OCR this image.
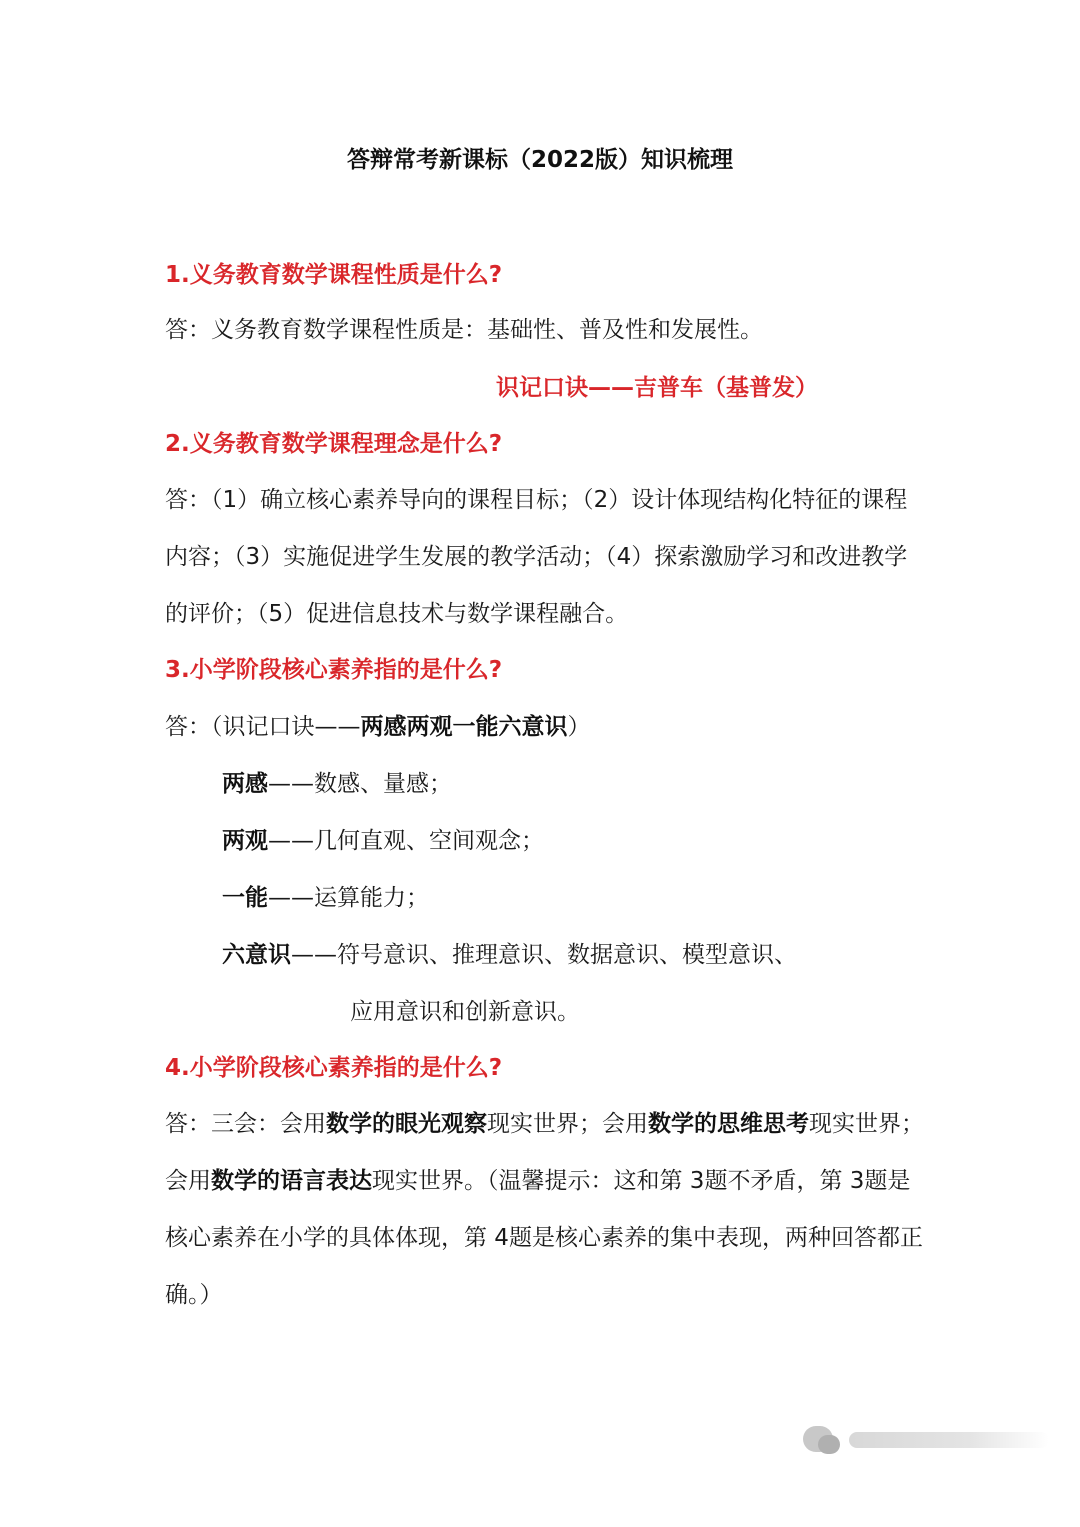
答辩常考新课标（2022版）知识梳理
1.义务教育数学课程性质是什么?
答：义务教育数学课程性质是：基础性、普及性和发展性。
识记口诀——吉普车（基普发）
2.义务教育数学课程理念是什么?
答：（1）确立核心素养导向的课程目标；（2）设计体现结构化特征的课程内容；（3）实施促进学生发展的教学活动；（4）探索激励学习和改进教学的评价；（5）促进信息技术与数学课程融合。
3.小学阶段核心素养指的是什么?
答：（识记口诀——两感两观一能六意识）
两感——数感、量感；
两观——几何直观、空间观念；
一能——运算能力；
六意识——符号意识、推理意识、数据意识、模型意识、
应用意识和创新意识。
4.小学阶段核心素养指的是什么?
答：三会：会用数学的眼光观察现实世界；会用数学的思维思考现实世界；会用数学的语言表达现实世界。（温馨提示：这和第 3题不矛盾，第 3题是核心素养在小学的具体体现，第 4题是核心素养的集中表现，两种回答都正确。）
